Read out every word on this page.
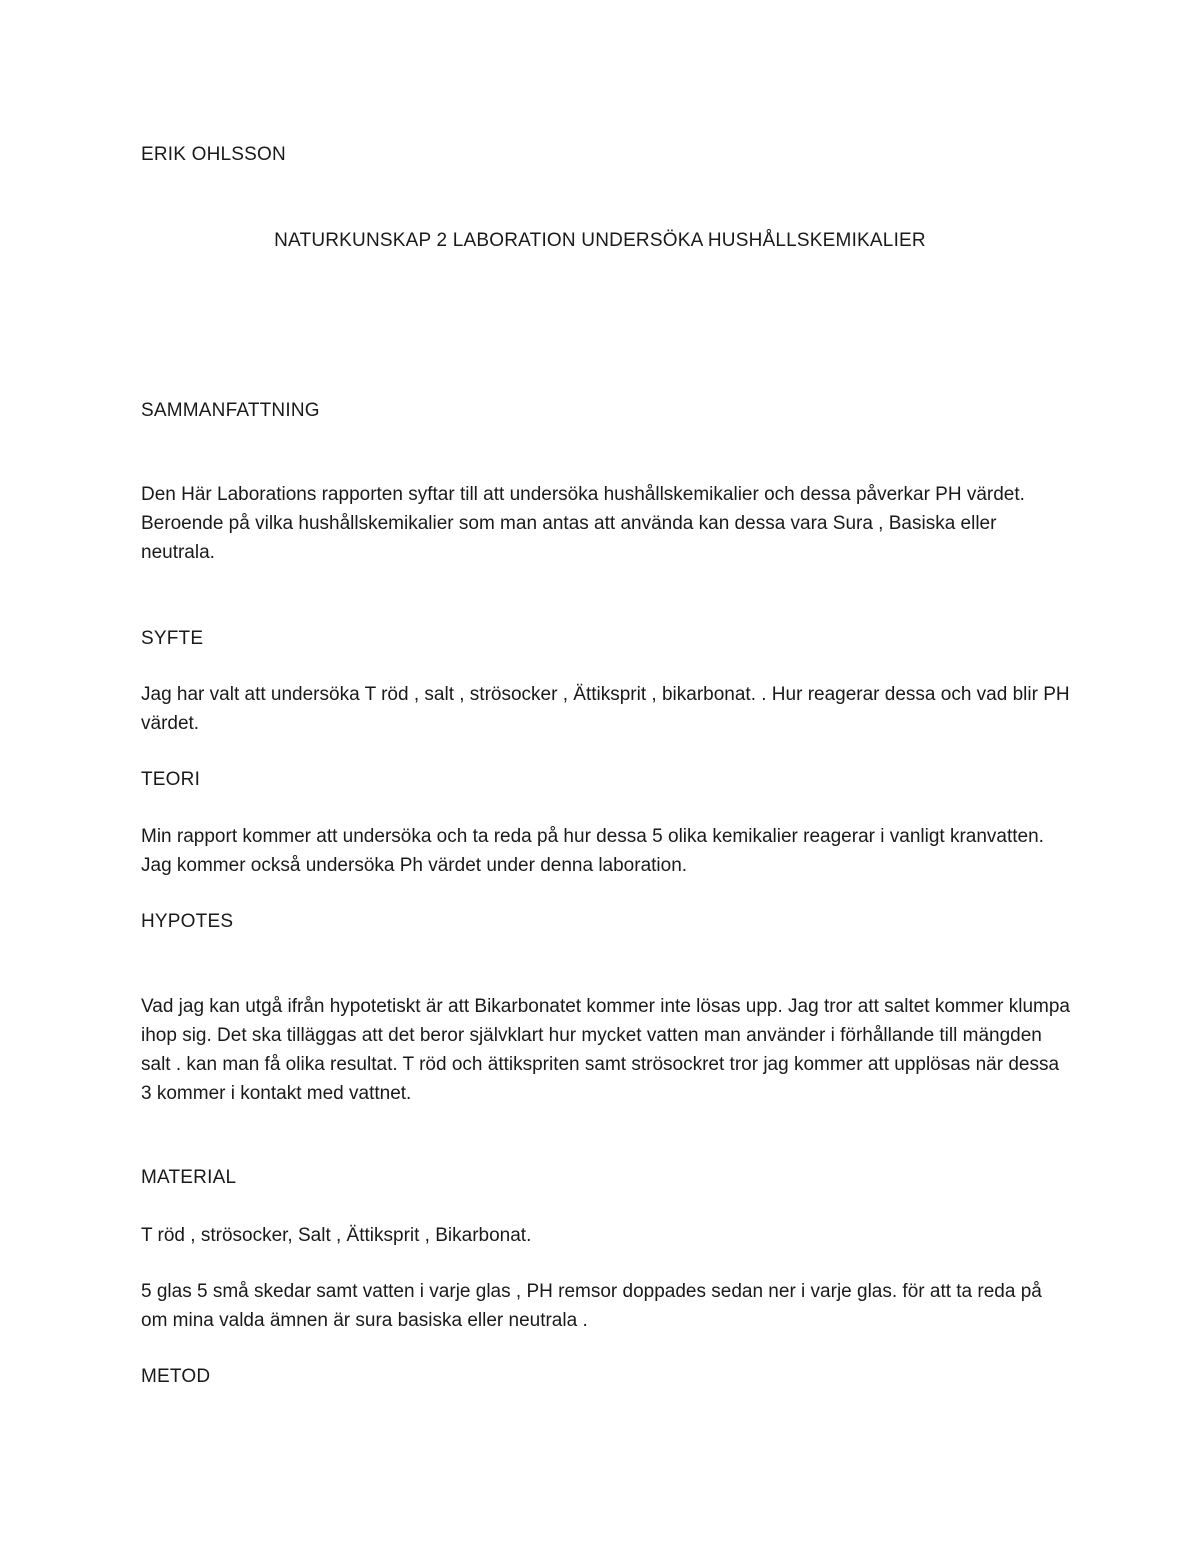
ERIK OHLSSON

NATURKUNSKAP 2 LABORATION UNDERSÖKA HUSHÅLLSKEMIKALIER

SAMMANFATTNING

Den Här Laborations rapporten syftar till att undersöka hushållskemikalier och dessa påverkar PH värdet. Beroende på vilka hushållskemikalier som man antas att använda kan dessa vara Sura , Basiska eller neutrala.

SYFTE

Jag har valt att undersöka T röd , salt , strösocker , Ättiksprit , bikarbonat. . Hur reagerar dessa och vad blir PH värdet.

TEORI

Min rapport kommer att undersöka och ta reda på hur dessa 5 olika kemikalier reagerar i vanligt kranvatten. Jag kommer också undersöka Ph värdet under denna laboration.

HYPOTES

Vad jag kan utgå ifrån hypotetiskt är att Bikarbonatet kommer inte lösas upp. Jag tror att saltet kommer klumpa ihop sig. Det ska tilläggas att det beror självklart hur mycket vatten man använder i förhållande till mängden salt . kan man få olika resultat. T röd och ättikspriten samt strösockret tror jag kommer att upplösas när dessa 3 kommer i kontakt med vattnet.

MATERIAL

T röd , strösocker, Salt , Ättiksprit , Bikarbonat.

5 glas 5 små skedar samt vatten i varje glas , PH remsor doppades sedan ner i varje glas. för att ta reda på om mina valda ämnen är sura basiska eller neutrala .

METOD
